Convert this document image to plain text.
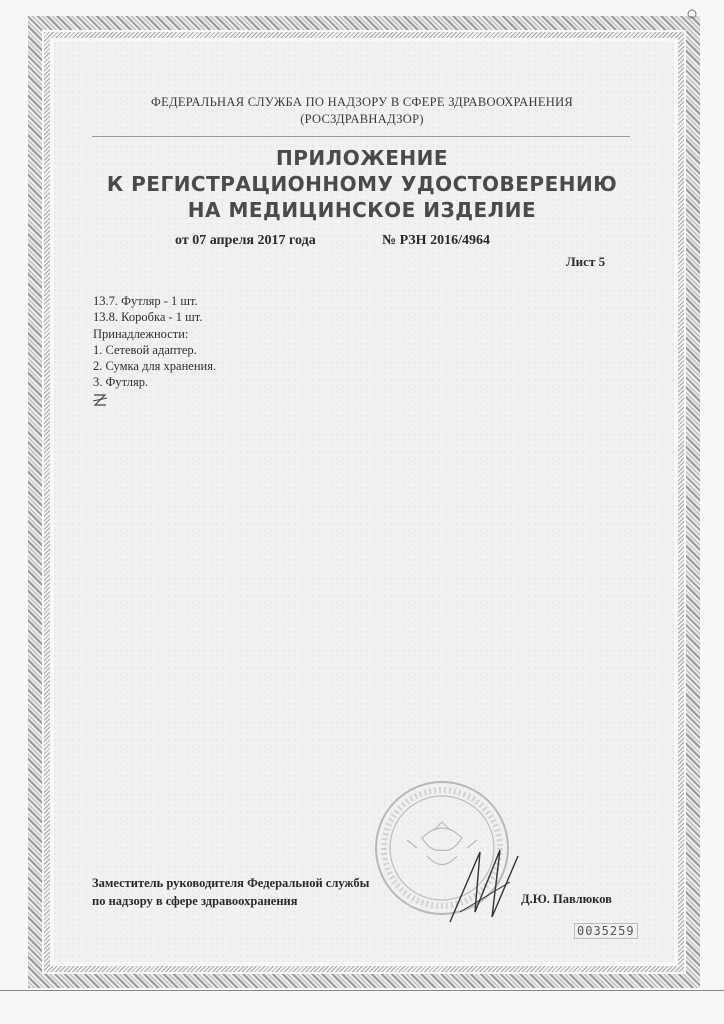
ФЕДЕРАЛЬНАЯ СЛУЖБА ПО НАДЗОРУ В СФЕРЕ ЗДРАВООХРАНЕНИЯ
(РОСЗДРАВНАДЗОР)
ПРИЛОЖЕНИЕ
К РЕГИСТРАЦИОННОМУ УДОСТОВЕРЕНИЮ
НА МЕДИЦИНСКОЕ ИЗДЕЛИЕ
от 07 апреля 2017 года	№ РЗН 2016/4964
Лист 5
13.7. Футляр - 1 шт.
13.8. Коробка - 1 шт.
Принадлежности:
1. Сетевой адаптер.
2. Сумка для хранения.
3. Футляр.
Заместитель руководителя Федеральной службы
по надзору в сфере здравоохранения	Д.Ю. Павлюков
0035259
